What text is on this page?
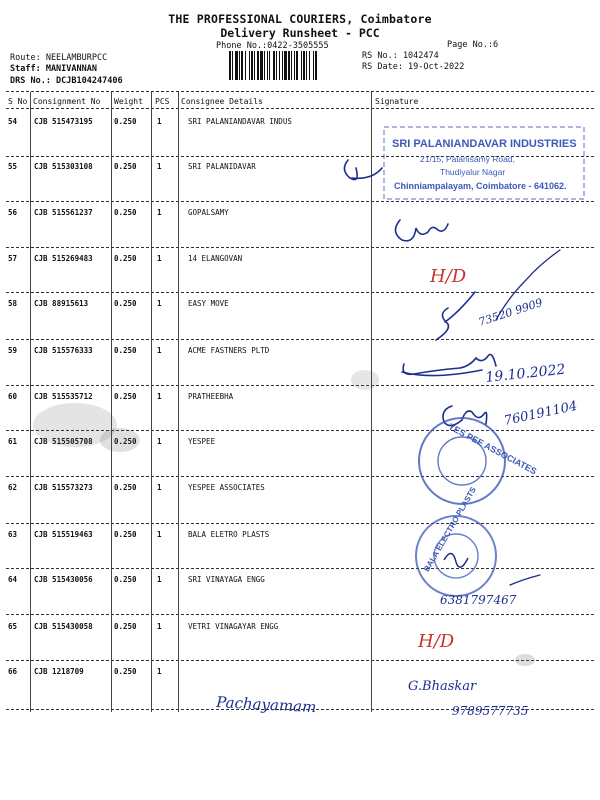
THE PROFESSIONAL COURIERS, Coimbatore
Delivery Runsheet - PCC
Phone No.:0422-3505555	Page No.:6
Route: NEELAMBURPCC
Staff: MANIVANNAN
DRS No.: DCJB104247406
RS No.: 1042474
RS Date: 19-Oct-2022
S No Consignment No Weight PCS Consignee Details	Signature
54 CJB 515473195	0.250	1	SRI PALANIANDAVAR INDUS
55 CJB 515303108	0.250	1	SRI PALANIDAVAR
56 CJB 515561237	0.250	1	GOPALSAMY
57 CJB 515269483	0.250	1	14 ELANGOVAN
58 CJB 88915613	0.250	1	EASY MOVE
59 CJB 515576333	0.250	1	ACME FASTNERS PLTD
60 CJB 515535712	0.250	1	PRATHEEBHA
61 CJB 515505708	0.250	1	YESPEE
62 CJB 515573273	0.250	1	YESPEE ASSOCIATES
63 CJB 515519463	0.250	1	BALA ELETRO PLASTS
64 CJB 515430056	0.250	1	SRI VINAYAGA ENGG
65 CJB 515430058	0.250	1	VETRI VINAGAYAR ENGG
66 CJB 1218709	0.250	1
SRI PALANIANDAVAR INDUSTRIES
21/15, Palanisamy Road,
Thudiyalur Nagar
Chinniampalayam, Coimbatore - 641062.
YES PEE ASSOCIATES
BALA ELECTRO PLASTS
H/D
73520 9909
19.10.2022
760191104
6381797467
H/D
Pachayamam
G.Bhaskar
9789577735
